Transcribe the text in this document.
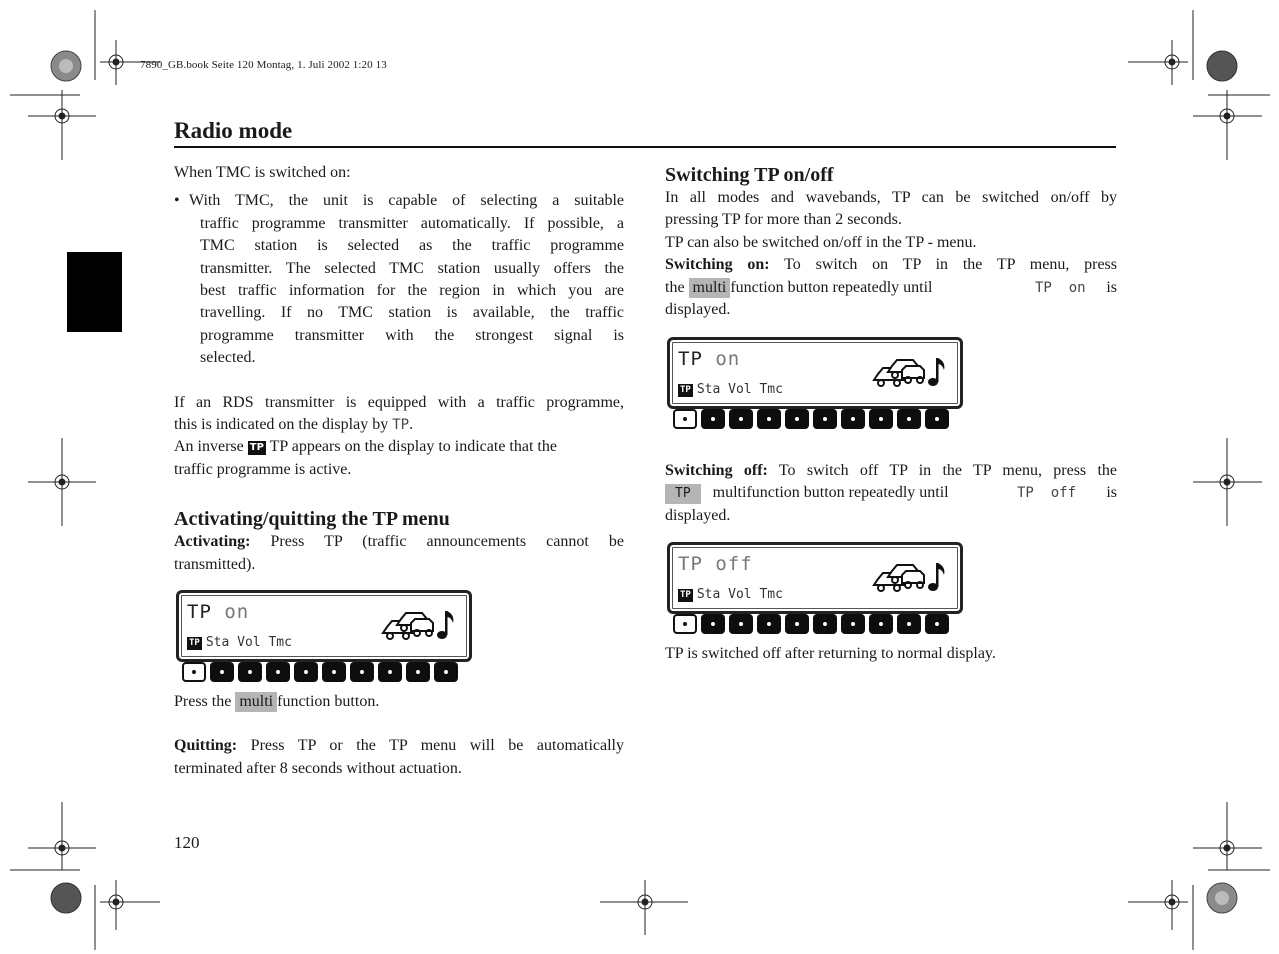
7890_GB.book Seite 120 Montag, 1. Juli 2002 1:20 13
Radio mode

When TMC is switched on:

• With TMC, the unit is capable of selecting a suitable

traffic programme transmitter automatically. If possible, a

TMC station is selected as the traffic programme

transmitter. The selected TMC station usually offers the

best traffic information for the region in which you are

travelling. If no TMC station is available, the traffic

programme transmitter with the strongest signal is

selected.

If an RDS transmitter is equipped with a traffic programme,

this is indicated on the display by TP.

An inverse TP TP appears on the display to indicate that the

traffic programme is active.

Activating/quitting the TP menu

Activating: Press TP (traffic announcements cannot be

transmitted).

TP on
TP Sta Vol Tmc

Press the multi function button.

Quitting: Press TP or the TP menu will be automatically

terminated after 8 seconds without actuation.

Switching TP on/off

In all modes and wavebands, TP can be switched on/off by

pressing TP for more than 2 seconds.

TP can also be switched on/off in the TP - menu.

Switching on: To switch on TP in the TP menu, press

the multi function button repeatedly until	TP  on is

displayed.

TP on
TP Sta Vol Tmc

Switching off: To switch off TP in the TP menu, press the

TP multifunction button repeatedly until	TP  off is

displayed.

TP off
TP Sta Vol Tmc

TP is switched off after returning to normal display.

120
